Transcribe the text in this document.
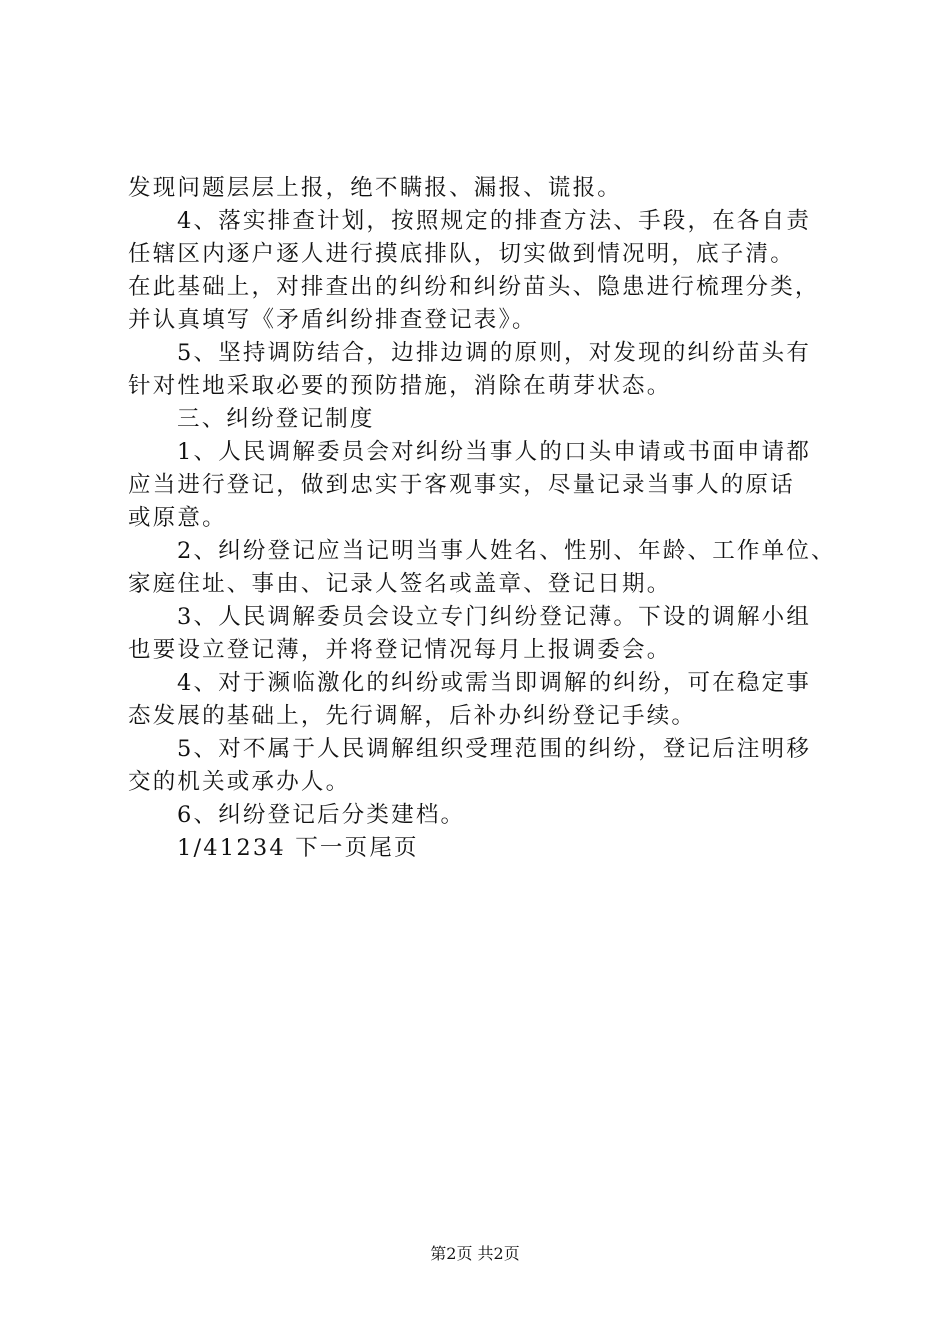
发现问题层层上报，绝不瞒报、漏报、谎报。
4、落实排查计划，按照规定的排查方法、手段，在各自责
任辖区内逐户逐人进行摸底排队，切实做到情况明，底子清。
在此基础上，对排查出的纠纷和纠纷苗头、隐患进行梳理分类，
并认真填写《矛盾纠纷排查登记表》。
5、坚持调防结合，边排边调的原则，对发现的纠纷苗头有
针对性地采取必要的预防措施，消除在萌芽状态。
三、纠纷登记制度
1、人民调解委员会对纠纷当事人的口头申请或书面申请都
应当进行登记，做到忠实于客观事实，尽量记录当事人的原话
或原意。
2、纠纷登记应当记明当事人姓名、性别、年龄、工作单位、
家庭住址、事由、记录人签名或盖章、登记日期。
3、人民调解委员会设立专门纠纷登记薄。下设的调解小组
也要设立登记薄，并将登记情况每月上报调委会。
4、对于濒临激化的纠纷或需当即调解的纠纷，可在稳定事
态发展的基础上，先行调解，后补办纠纷登记手续。
5、对不属于人民调解组织受理范围的纠纷，登记后注明移
交的机关或承办人。
6、纠纷登记后分类建档。
1/41234 下一页尾页
第2页 共2页
